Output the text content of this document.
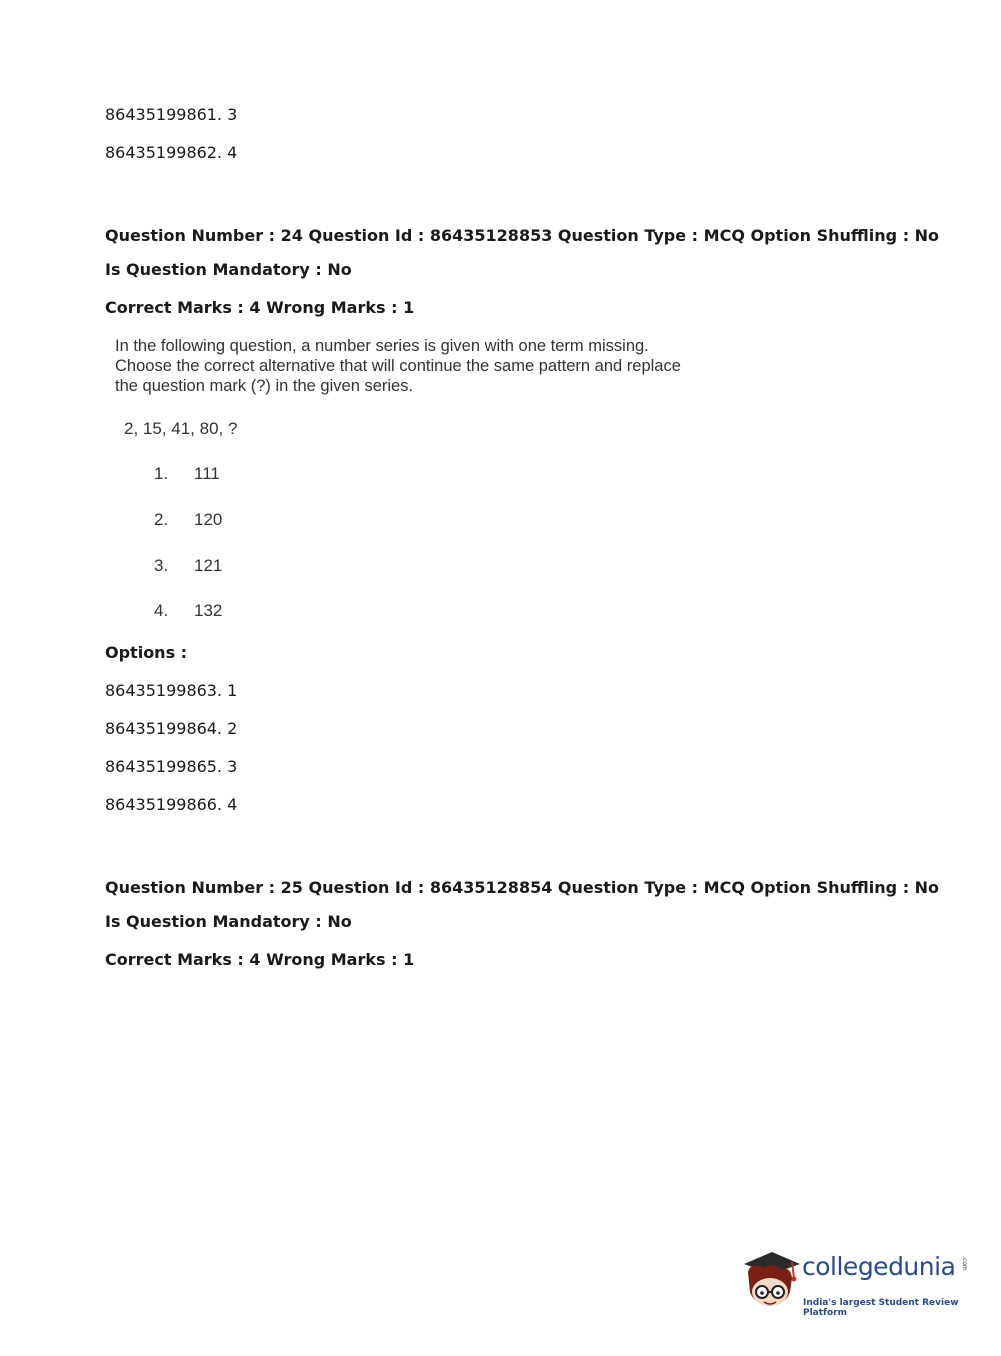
86435199861. 3
86435199862. 4
Question Number : 24 Question Id : 86435128853 Question Type : MCQ Option Shuffling : No
Is Question Mandatory : No
Correct Marks : 4 Wrong Marks : 1
In the following question, a number series is given with one term missing.
Choose the correct alternative that will continue the same pattern and replace
the question mark (?) in the given series.
2, 15, 41, 80, ?
1. 111
2. 120
3. 121
4. 132
Options :
86435199863. 1
86435199864. 2
86435199865. 3
86435199866. 4
Question Number : 25 Question Id : 86435128854 Question Type : MCQ Option Shuffling : No
Is Question Mandatory : No
Correct Marks : 4 Wrong Marks : 1
collegedunia .com
India's largest Student Review Platform
